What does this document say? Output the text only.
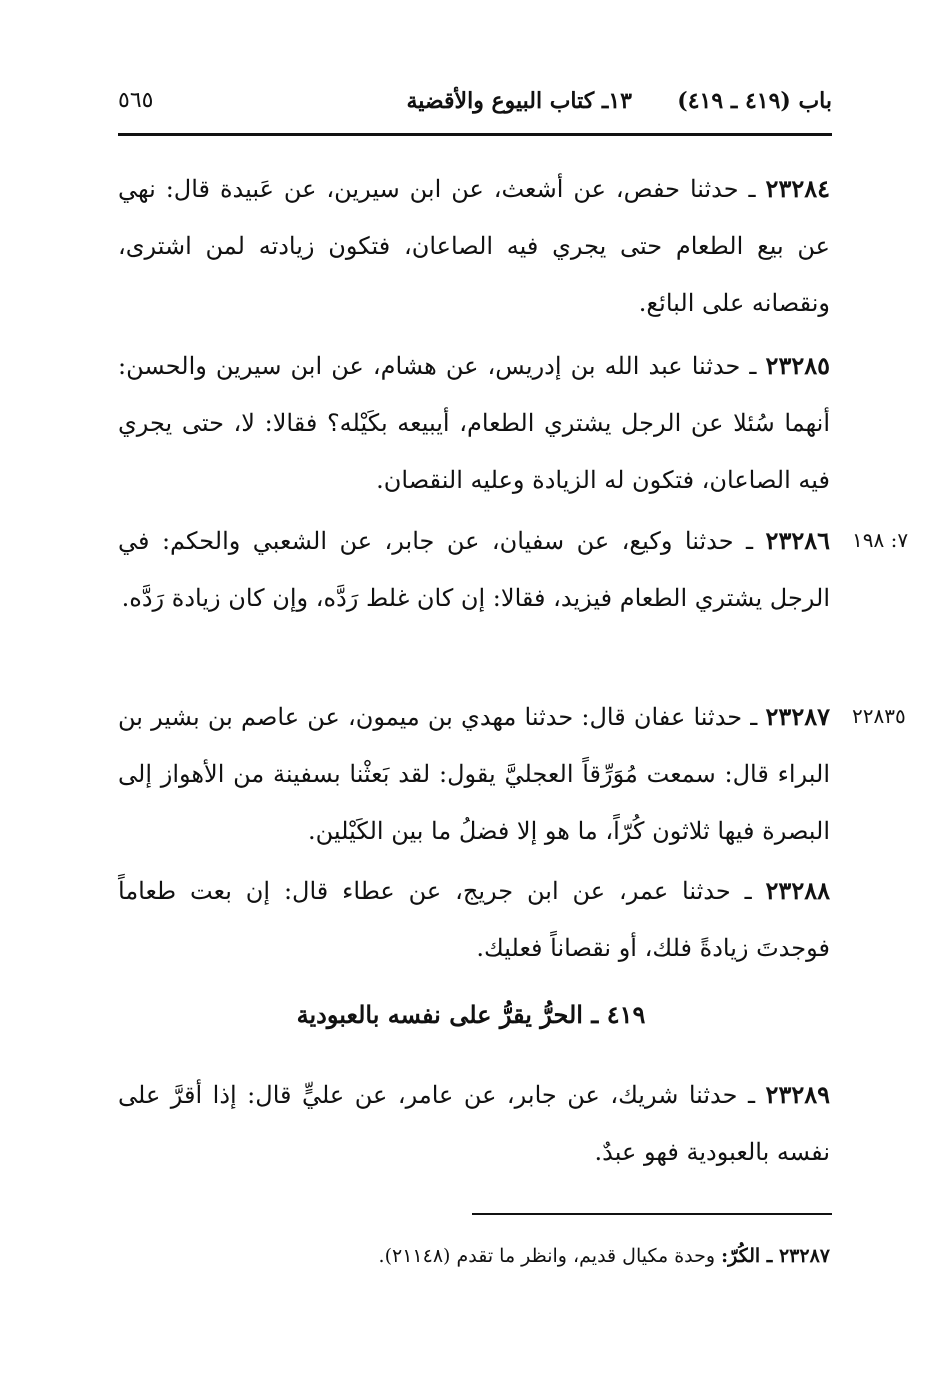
باب (٤١٩ ـ ٤١٩)
١٣ـ كتاب البيوع والأقضية
٥٦٥
٢٣٢٨٤ ـ حدثنا حفص، عن أشعث، عن ابن سيرين، عن عَبيدة قال: نهي عن بيع الطعام حتى يجري فيه الصاعان، فتكون زيادته لمن اشترى، ونقصانه على البائع.
٢٣٢٨٥ ـ حدثنا عبد الله بن إدريس، عن هشام، عن ابن سيرين والحسن: أنهما سُئلا عن الرجل يشتري الطعام، أيبيعه بكَيْله؟ فقالا: لا، حتى يجري فيه الصاعان، فتكون له الزيادة وعليه النقصان.
٧: ١٩٨
٢٣٢٨٦ ـ حدثنا وكيع، عن سفيان، عن جابر، عن الشعبي والحكم: في الرجل يشتري الطعام فيزيد، فقالا: إن كان غلط رَدَّه، وإن كان زيادة رَدَّه.
٢٢٨٣٥
٢٣٢٨٧ ـ حدثنا عفان قال: حدثنا مهدي بن ميمون، عن عاصم بن بشير بن البراء قال: سمعت مُوَرِّقاً العجليَّ يقول: لقد بَعثْنا بسفينة من الأهواز إلى البصرة فيها ثلاثون كُرّاً، ما هو إلا فضلُ ما بين الكَيْلين.
٢٣٢٨٨ ـ حدثنا عمر، عن ابن جريج، عن عطاء قال: إن بعت طعاماً فوجدتَ زيادةً فلك، أو نقصاناً فعليك.
٤١٩ ـ الحرُّ يقرُّ على نفسه بالعبودية
٢٣٢٨٩ ـ حدثنا شريك، عن جابر، عن عامر، عن عليٍّ قال: إذا أقرَّ على نفسه بالعبودية فهو عبدٌ.
٢٣٢٨٧ ـ الكُرّ: وحدة مكيال قديم، وانظر ما تقدم (٢١١٤٨).
